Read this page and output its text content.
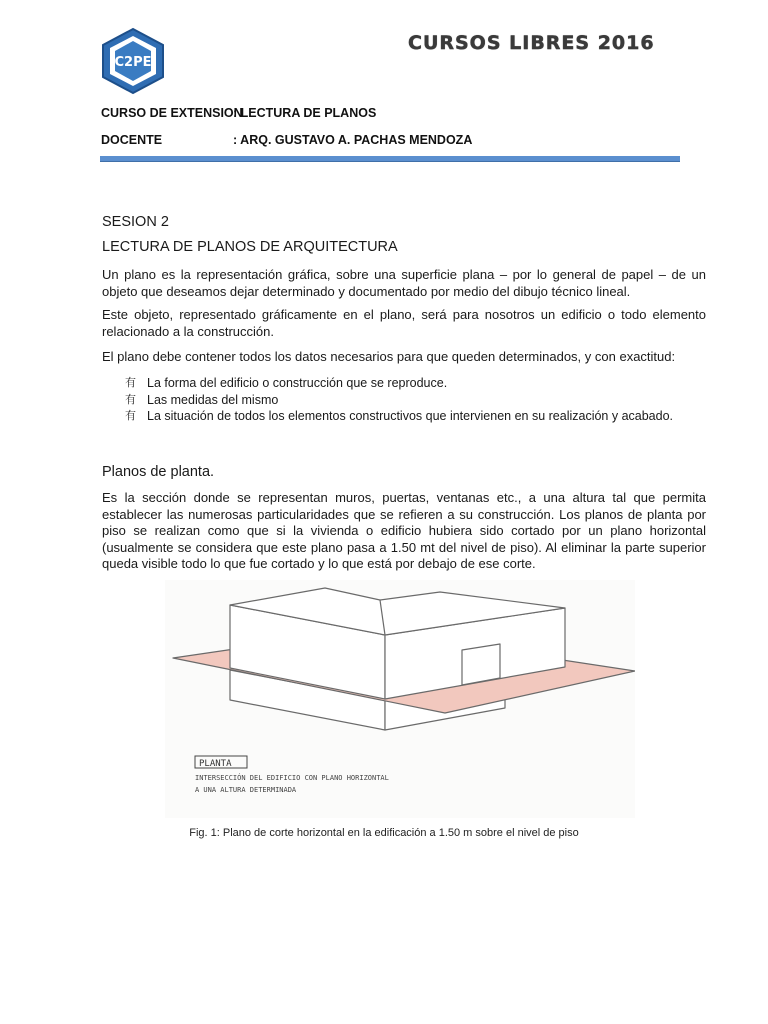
C2PE
CURSOS LIBRES 2016
CURSO DE EXTENSION
: LECTURA DE PLANOS
DOCENTE	: ARQ. GUSTAVO A. PACHAS MENDOZA
SESION 2
LECTURA DE PLANOS DE ARQUITECTURA

Un plano es la representación gráfica, sobre una superficie plana – por lo general de papel – de un objeto que deseamos dejar determinado y documentado por medio del dibujo técnico lineal.

Este objeto, representado gráficamente en el plano, será para nosotros un edificio o todo elemento relacionado a la construcción.

El plano debe contener todos los datos necesarios para que queden determinados, y con exactitud:

有 La forma del edificio o construcción que se reproduce.
有 Las medidas del mismo
有 La situación de todos los elementos constructivos que intervienen en su realización y acabado.
Planos de planta.

Es la sección donde se representan muros, puertas, ventanas etc., a una altura tal que permita establecer las numerosas particularidades que se refieren a su construcción. Los planos de planta por piso se realizan como que si la vivienda o edificio hubiera sido cortado por un plano horizontal (usualmente se considera que este plano pasa a 1.50 mt del nivel de piso). Al eliminar la parte superior queda visible todo lo que fue cortado y lo que está por debajo de ese corte.

PLANTA
INTERSECCIÓN DEL EDIFICIO CON PLANO HORIZONTAL
A UNA ALTURA DETERMINADA
Fig. 1: Plano de corte horizontal en la edificación a 1.50 m sobre el nivel de piso
